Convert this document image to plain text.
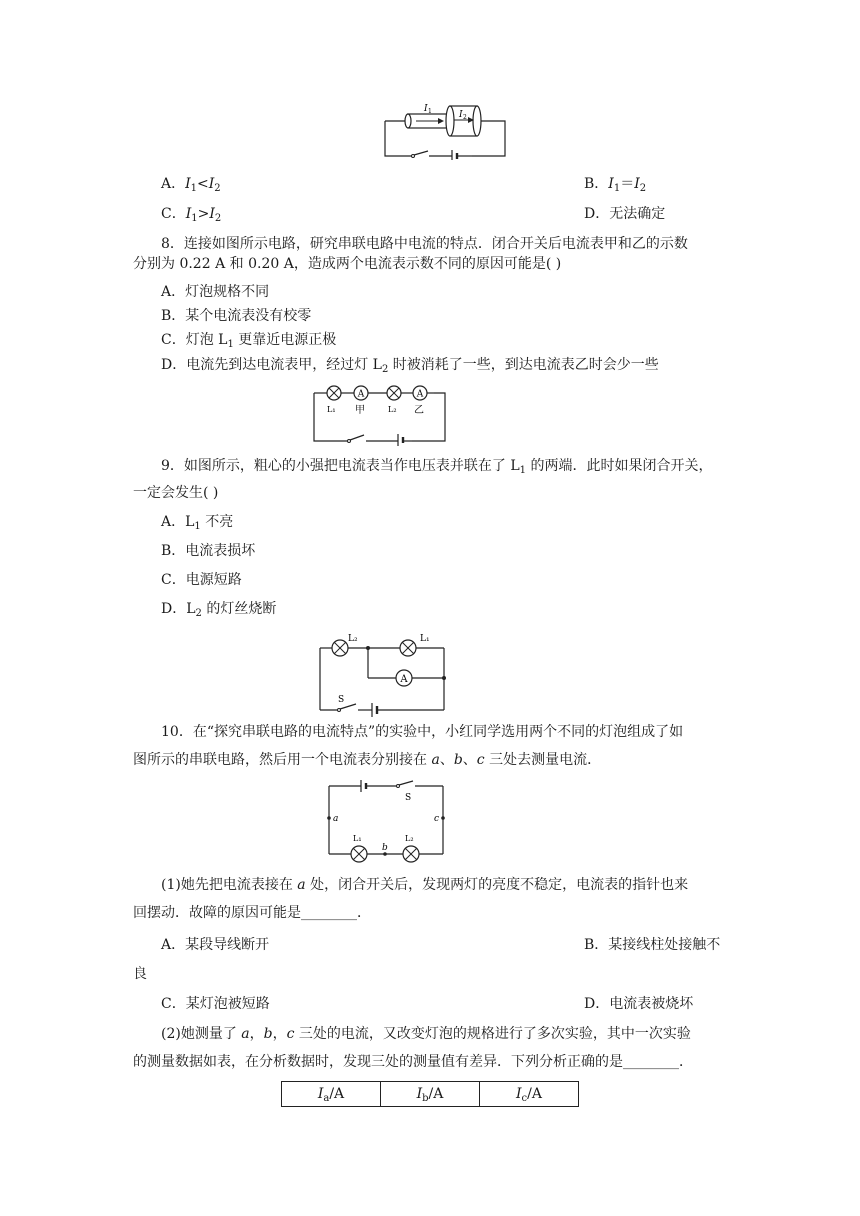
I 1	I 2
A．$I_1<I_2$	B．$I_1=I_2$
C．$I_1>I_2$	D．无法确定
8．连接如图所示电路，研究串联电路中电流的特点．闭合开关后电流表甲和乙的示数
分别为 0.22 A 和 0.20 A，造成两个电流表示数不同的原因可能是( )
A．灯泡规格不同
B．某个电流表没有校零
C．灯泡 $L_1$ 更靠近电源正极
D．电流先到达电流表甲，经过灯 $L_2$ 时被消耗了一些，到达电流表乙时会少一些
A	A
L₁ 甲	L₂ 乙
9．如图所示，粗心的小强把电流表当作电压表并联在了 $L_1$ 的两端．此时如果闭合开关，
一定会发生( )
A．$L_1$ 不亮
B．电流表损坏
C．电源短路
D．$L_2$ 的灯丝烧断
L₂	L₁
A
S
10．在“探究串联电路的电流特点”的实验中，小红同学选用两个不同的灯泡组成了如
图所示的串联电路，然后用一个电流表分别接在 a、b、c 三处去测量电流．
S
a	c
b
L₁	L₂
(1)她先把电流表接在 a 处，闭合开关后，发现两灯的亮度不稳定，电流表的指针也来
回摆动．故障的原因可能是________．
A．某段导线断开	B．某接线柱处接触不
良
C．某灯泡被短路	D．电流表被烧坏
(2)她测量了 a，b，c 三处的电流，又改变灯泡的规格进行了多次实验，其中一次实验
的测量数据如表，在分析数据时，发现三处的测量值有差异．下列分析正确的是________．
$I_a/A$	$I_b/A$	$I_c/A$
